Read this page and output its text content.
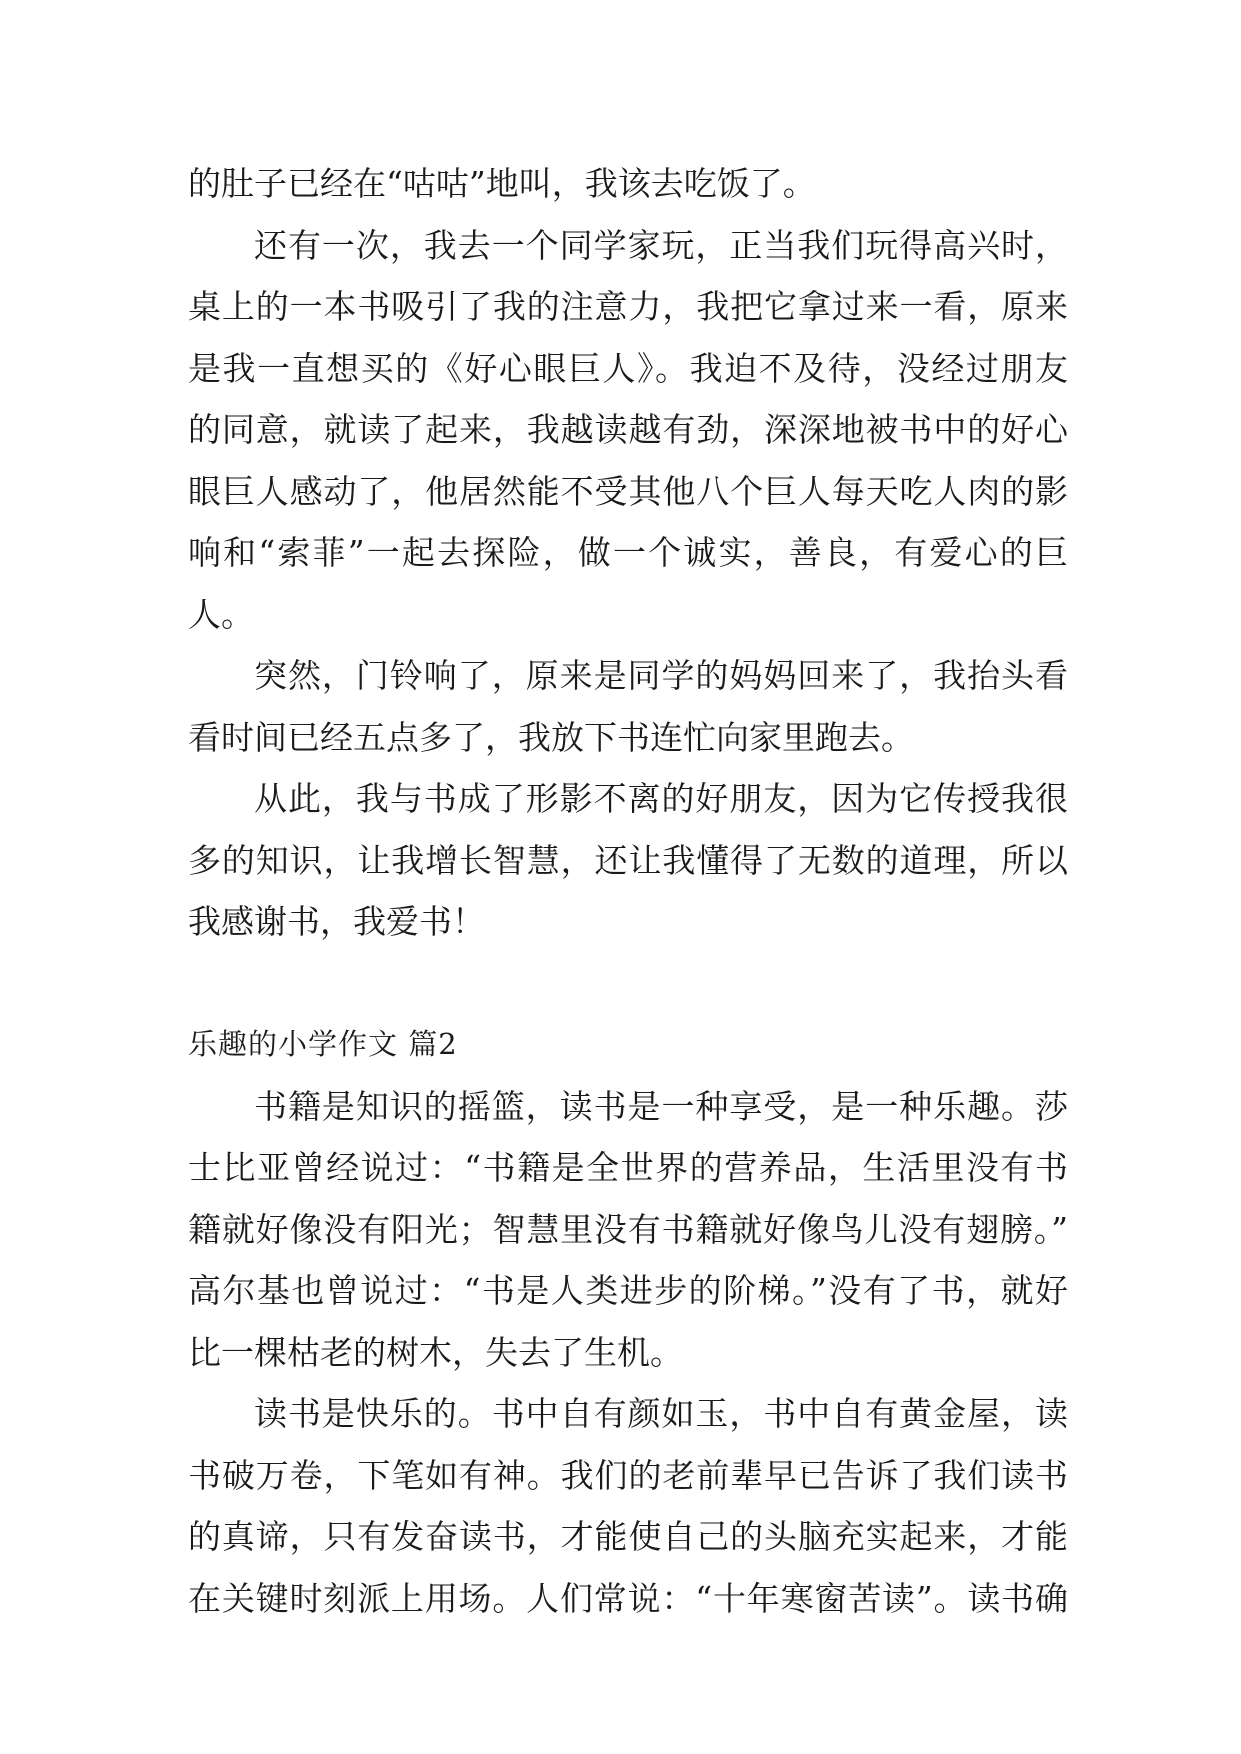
的肚子已经在“咕咕”地叫，我该去吃饭了。
还有一次，我去一个同学家玩，正当我们玩得高兴时，
桌上的一本书吸引了我的注意力，我把它拿过来一看，原来
是我一直想买的《好心眼巨人》。我迫不及待，没经过朋友
的同意，就读了起来，我越读越有劲，深深地被书中的好心
眼巨人感动了，他居然能不受其他八个巨人每天吃人肉的影
响和“索菲”一起去探险，做一个诚实，善良，有爱心的巨
人。
突然，门铃响了，原来是同学的妈妈回来了，我抬头看
看时间已经五点多了，我放下书连忙向家里跑去。
从此，我与书成了形影不离的好朋友，因为它传授我很
多的知识，让我增长智慧，还让我懂得了无数的道理，所以
我感谢书，我爱书！
乐趣的小学作文 篇2
书籍是知识的摇篮，读书是一种享受，是一种乐趣。莎
士比亚曾经说过：“书籍是全世界的营养品，生活里没有书
籍就好像没有阳光；智慧里没有书籍就好像鸟儿没有翅膀。”
高尔基也曾说过：“书是人类进步的阶梯。”没有了书，就好
比一棵枯老的树木，失去了生机。
读书是快乐的。书中自有颜如玉，书中自有黄金屋，读
书破万卷，下笔如有神。我们的老前辈早已告诉了我们读书
的真谛，只有发奋读书，才能使自己的头脑充实起来，才能
在关键时刻派上用场。人们常说：“十年寒窗苦读”。读书确
